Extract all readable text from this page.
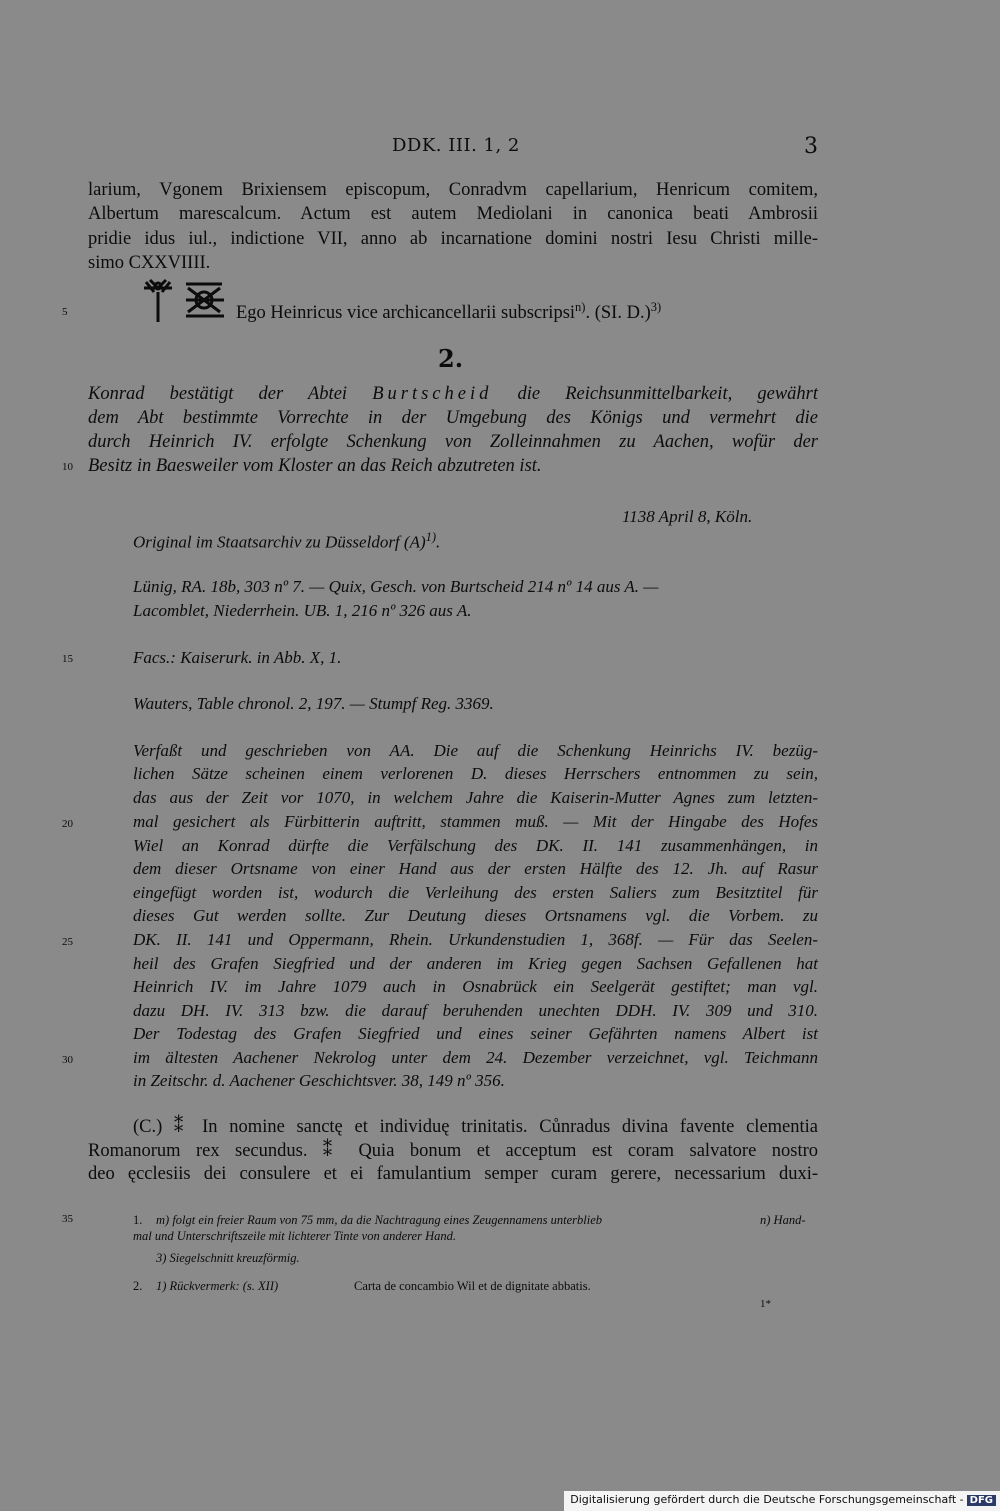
DDK. III. 1, 2	3
larium, Vgonem Brixiensem episcopum, Conradvm capellarium, Henricum comitem,
Albertum marescalcum. Actum est autem Mediolani in canonica beati Ambrosii
pridie idus iul., indictione VII, anno ab incarnatione domini nostri Iesu Christi mille-
simo CXXVIIII.
Ego Heinricus vice archicancellarii subscripsi$^{n)}$. (SI. D.)$^{3)}$
2.
Konrad bestätigt der Abtei Burtscheid die Reichsunmittelbarkeit, gewährt
dem Abt bestimmte Vorrechte in der Umgebung des Königs und vermehrt die
durch Heinrich IV. erfolgte Schenkung von Zolleinnahmen zu Aachen, wofür der
Besitz in Baesweiler vom Kloster an das Reich abzutreten ist.
1138 April 8, Köln.
Original im Staatsarchiv zu Düsseldorf $(A)^{1)}$.
Lünig, RA. 18b, 303 nº 7. — Quix, Gesch. von Burtscheid 214 nº 14 aus A. —
Lacomblet, Niederrhein. UB. 1, 216 nº 326 aus A.
Facs.: Kaiserurk. in Abb. X, 1.
Wauters, Table chronol. 2, 197. — Stumpf Reg. 3369.
Verfaßt und geschrieben von AA. Die auf die Schenkung Heinrichs IV. bezüg-
lichen Sätze scheinen einem verlorenen D. dieses Herrschers entnommen zu sein,
das aus der Zeit vor 1070, in welchem Jahre die Kaiserin-Mutter Agnes zum letzten-
mal gesichert als Fürbitterin auftritt, stammen muß. — Mit der Hingabe des Hofes
Wiel an Konrad dürfte die Verfälschung des DK. II. 141 zusammenhängen, in
dem dieser Ortsname von einer Hand aus der ersten Hälfte des 12. Jh. auf Rasur
eingefügt worden ist, wodurch die Verleihung des ersten Saliers zum Besitztitel für
dieses Gut werden sollte. Zur Deutung dieses Ortsnamens vgl. die Vorbem. zu
DK. II. 141 und Oppermann, Rhein. Urkundenstudien 1, 368f. — Für das Seelen-
heil des Grafen Siegfried und der anderen im Krieg gegen Sachsen Gefallenen hat
Heinrich IV. im Jahre 1079 auch in Osnabrück ein Seelgerät gestiftet; man vgl.
dazu DH. IV. 313 bzw. die darauf beruhenden unechten DDH. IV. 309 und 310.
Der Todestag des Grafen Siegfried und eines seiner Gefährten namens Albert ist
im ältesten Aachener Nekrolog unter dem 24. Dezember verzeichnet, vgl. Teichmann
in Zeitschr. d. Aachener Geschichtsver. 38, 149 nº 356.
(C.) ⁑ In nomine sanctę et individuę trinitatis. Cůnradus divina favente clementia
Romanorum rex secundus. ⁑ Quia bonum et acceptum est coram salvatore nostro
deo ęcclesiis dei consulere et ei famulantium semper curam gerere, necessarium duxi-
5
10
15
20
25
30
35	1. m) folgt ein freier Raum von 75 mm, da die Nachtragung eines Zeugennamens unterblieb	n) Hand-
mal und Unterschriftszeile mit lichterer Tinte von anderer Hand.
3) Siegelschnitt kreuzförmig.
2. 1) Rückvermerk: (s. XII)	Carta de concambio Wil et de dignitate abbatis.
1*
Digitalisierung gefördert durch die Deutsche Forschungsgemeinschaft - DFG
